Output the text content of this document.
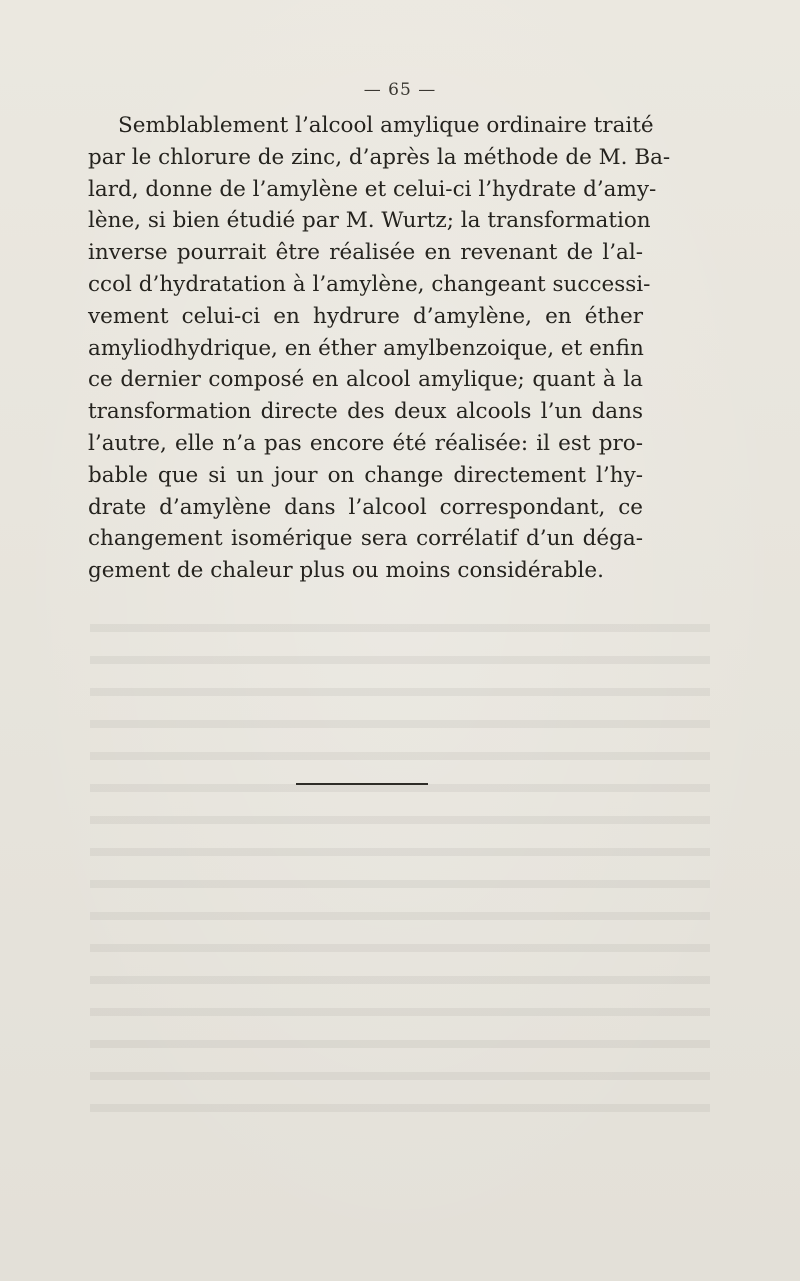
— 65 —
Semblablement l’alcool amylique ordinaire traité
par le chlorure de zinc, d’après la méthode de M. Ba-
lard, donne de l’amylène et celui-ci l’hydrate d’amy-
lène, si bien étudié par M. Wurtz; la transformation
inverse pourrait être réalisée en revenant de l’al-
ccol d’hydratation à l’amylène, changeant successi-
vement celui-ci en hydrure d’amylène, en éther
amyliodhydrique, en éther amylbenzoique, et enfin
ce dernier composé en alcool amylique; quant à la
transformation directe des deux alcools l’un dans
l’autre, elle n’a pas encore été réalisée: il est pro-
bable que si un jour on change directement l’hy-
drate d’amylène dans l’alcool correspondant, ce
changement isomérique sera corrélatif d’un déga-
gement de chaleur plus ou moins considérable.
